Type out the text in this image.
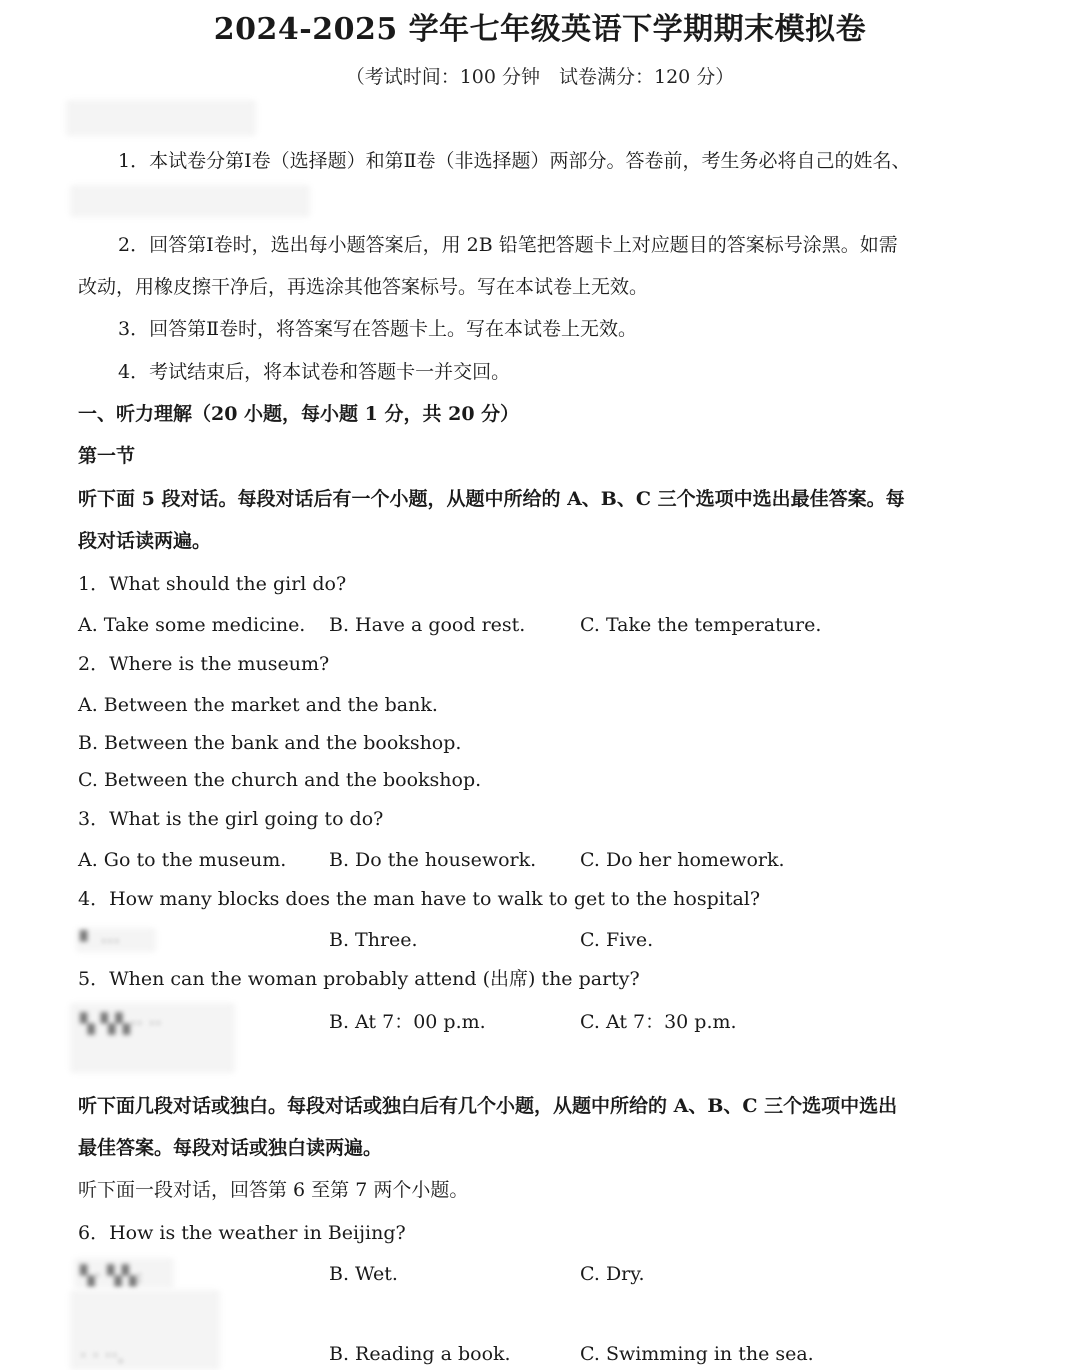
2024-2025 学年七年级英语下学期期末模拟卷
（考试时间：100 分钟　试卷满分：120 分）
1．本试卷分第Ⅰ卷（选择题）和第Ⅱ卷（非选择题）两部分。答卷前，考生务必将自己的姓名、
2．回答第Ⅰ卷时，选出每小题答案后，用 2B 铅笔把答题卡上对应题目的答案标号涂黑。如需
改动，用橡皮擦干净后，再选涂其他答案标号。写在本试卷上无效。
3．回答第Ⅱ卷时，将答案写在答题卡上。写在本试卷上无效。
4．考试结束后，将本试卷和答题卡一并交回。
一、听力理解（20 小题，每小题 1 分，共 20 分）
第一节
听下面 5 段对话。每段对话后有一个小题，从题中所给的 A、B、C 三个选项中选出最佳答案。每
段对话读两遍。
1．What should the girl do?
A. Take some medicine. B. Have a good rest.	C. Take the temperature.
2．Where is the museum?
A. Between the market and the bank.
B. Between the bank and the bookshop.
C. Between the church and the bookshop.
3．What is the girl going to do?
A. Go to the museum. B. Do the housework. C. Do her homework.
4．How many blocks does the man have to walk to get to the hospital?
▘ ˑˑˑ	B. Three.	C. Five.
5．When can the woman probably attend (出席) the party?
▚ ▚▚ˑˑ ˑˑ	B. At 7：00 p.m.	C. At 7：30 p.m.
听下面几段对话或独白。每段对话或独白后有几个小题，从题中所给的 A、B、C 三个选项中选出
最佳答案。每段对话或独白读两遍。
听下面一段对话，回答第 6 至第 7 两个小题。
6．How is the weather in Beijing?
▚ˑ ▚▚ː	B. Wet.	C. Dry.
ˑ ˑ ˑˑ.	B. Reading a book.	C. Swimming in the sea.
